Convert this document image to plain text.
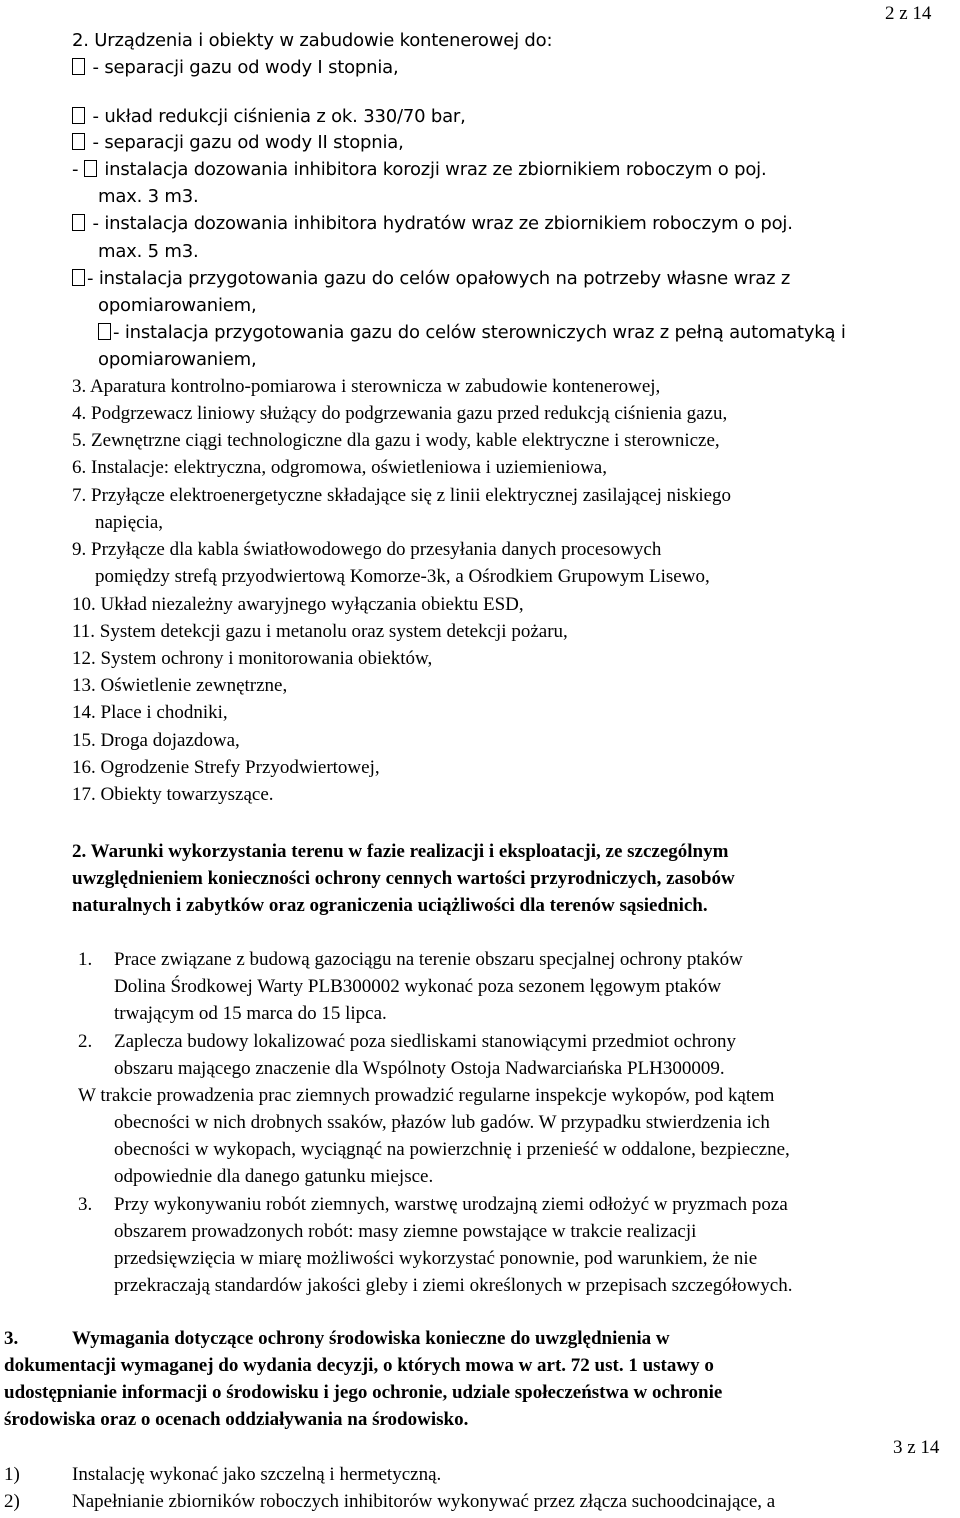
2 z 14
3 z 14
2. Urządzenia i obiekty w zabudowie kontenerowej do:
- separacji gazu od wody I stopnia,
- układ redukcji ciśnienia z ok. 330/70 bar,
- separacji gazu od wody II stopnia,
- instalacja dozowania inhibitora korozji wraz ze zbiornikiem roboczym o poj.
max. 3 m3.
- instalacja dozowania inhibitora hydratów wraz ze zbiornikiem roboczym o poj.
max. 5 m3.
- instalacja przygotowania gazu do celów opałowych na potrzeby własne wraz z
opomiarowaniem,
- instalacja przygotowania gazu do celów sterowniczych wraz z pełną automatyką i
opomiarowaniem,
3. Aparatura kontrolno-pomiarowa i sterownicza w zabudowie kontenerowej,
4. Podgrzewacz liniowy służący do podgrzewania gazu przed redukcją ciśnienia gazu,
5. Zewnętrzne ciągi technologiczne dla gazu i wody, kable elektryczne i sterownicze,
6. Instalacje: elektryczna, odgromowa, oświetleniowa i uziemieniowa,
7. Przyłącze elektroenergetyczne składające się z linii elektrycznej zasilającej niskiego
napięcia,
9. Przyłącze dla kabla światłowodowego do przesyłania danych procesowych
pomiędzy strefą przyodwiertową Komorze-3k, a Ośrodkiem Grupowym Lisewo,
10. Układ niezależny awaryjnego wyłączania obiektu ESD,
11. System detekcji gazu i metanolu oraz system detekcji pożaru,
12. System ochrony i monitorowania obiektów,
13. Oświetlenie zewnętrzne,
14. Place i chodniki,
15. Droga dojazdowa,
16. Ogrodzenie Strefy Przyodwiertowej,
17. Obiekty towarzyszące.
2. Warunki wykorzystania terenu w fazie realizacji i eksploatacji, ze szczególnym
uwzględnieniem konieczności ochrony cennych wartości przyrodniczych, zasobów
naturalnych i zabytków oraz ograniczenia uciążliwości dla terenów sąsiednich.
1. Prace związane z budową gazociągu na terenie obszaru specjalnej ochrony ptaków
Dolina Środkowej Warty PLB300002 wykonać poza sezonem lęgowym ptaków
trwającym od 15 marca do 15 lipca.
2. Zaplecza budowy lokalizować poza siedliskami stanowiącymi przedmiot ochrony
obszaru mającego znaczenie dla Wspólnoty Ostoja Nadwarciańska PLH300009.
W trakcie prowadzenia prac ziemnych prowadzić regularne inspekcje wykopów, pod kątem
obecności w nich drobnych ssaków, płazów lub gadów. W przypadku stwierdzenia ich
obecności w wykopach, wyciągnąć na powierzchnię i przenieść w oddalone, bezpieczne,
odpowiednie dla danego gatunku miejsce.
3. Przy wykonywaniu robót ziemnych, warstwę urodzajną ziemi odłożyć w pryzmach poza
obszarem prowadzonych robót: masy ziemne powstające w trakcie realizacji
przedsięwzięcia w miarę możliwości wykorzystać ponownie, pod warunkiem, że nie
przekraczają standardów jakości gleby i ziemi określonych w przepisach szczegółowych.
3.	Wymagania dotyczące ochrony środowiska konieczne do uwzględnienia w
dokumentacji wymaganej do wydania decyzji, o których mowa w art. 72 ust. 1 ustawy o
udostępnianie informacji o środowisku i jego ochronie, udziale społeczeństwa w ochronie
środowiska oraz o ocenach oddziaływania na środowisko.
1)	Instalację wykonać jako szczelną i hermetyczną.
2)	Napełnianie zbiorników roboczych inhibitorów wykonywać przez złącza suchoodcinające, a
